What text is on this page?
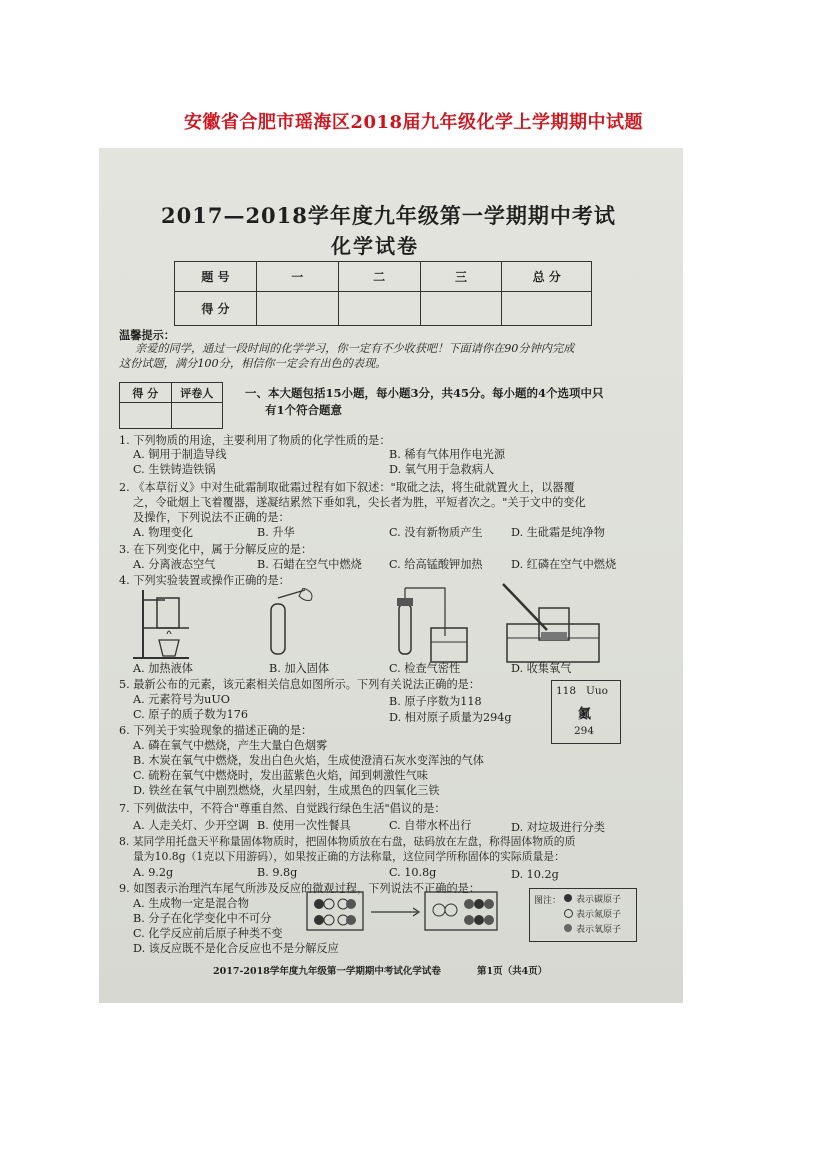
安徽省合肥市瑶海区2018届九年级化学上学期期中试题
2017—2018学年度九年级第一学期期中考试
化学试卷
题 号	一	二	三	总 分
得 分				
温馨提示：
亲爱的同学，通过一段时间的化学学习，你一定有不少收获吧！下面请你在90分钟内完成
这份试题，满分100分，相信你一定会有出色的表现。
得 分	评卷人
		一、本大题包括15小题，每小题3分，共45分。每小题的4个选项中只
有1个符合题意
1. 下列物质的用途，主要利用了物质的化学性质的是：
A. 铜用于制造导线	B. 稀有气体用作电光源
C. 生铁铸造铁锅	D. 氧气用于急救病人
2. 《本草衍义》中对生砒霜制取砒霜过程有如下叙述："取砒之法，将生砒就置火上，以器覆
之，令砒烟上飞着覆器，遂凝结累然下垂如乳，尖长者为胜，平短者次之。"关于文中的变化
及操作，下列说法不正确的是：
A. 物理变化	B. 升华	C. 没有新物质产生	D. 生砒霜是纯净物
3. 在下列变化中，属于分解反应的是：
A. 分离液态空气	B. 石蜡在空气中燃烧 C. 给高锰酸钾加热	D. 红磷在空气中燃烧
4. 下列实验装置或操作正确的是：
A. 加热液体	B. 加入固体	C. 检查气密性	D. 收集氧气
5. 最新公布的元素，该元素相关信息如图所示。下列有关说法正确的是：
A. 元素符号为uUO	B. 原子序数为118
C. 原子的质子数为176	D. 相对原子质量为294g
118 Uuo
鿫
294
6. 下列关于实验现象的描述正确的是：
A. 磷在氧气中燃烧，产生大量白色烟雾
B. 木炭在氧气中燃烧，发出白色火焰，生成使澄清石灰水变浑浊的气体
C. 硫粉在氧气中燃烧时，发出蓝紫色火焰，闻到刺激性气味
D. 铁丝在氧气中剧烈燃烧，火星四射，生成黑色的四氧化三铁
7. 下列做法中，不符合"尊重自然、自觉践行绿色生活"倡议的是：
A. 人走关灯、少开空调 B. 使用一次性餐具	C. 自带水杯出行	D. 对垃圾进行分类
8. 某同学用托盘天平称量固体物质时，把固体物质放在右盘，砝码放在左盘，称得固体物质的质
量为10.8g（1克以下用游码），如果按正确的方法称量，这位同学所称固体的实际质量是：
A. 9.2g	B. 9.8g	C. 10.8g	D. 10.2g
9. 如图表示治理汽车尾气所涉及反应的微观过程，下列说法不正确的是：
A. 生成物一定是混合物
B. 分子在化学变化中不可分
C. 化学反应前后原子种类不变
D. 该反应既不是化合反应也不是分解反应
图注： 表示碳原子
表示氮原子
表示氧原子
2017-2018学年度九年级第一学期期中考试化学试卷	第1页（共4页）
